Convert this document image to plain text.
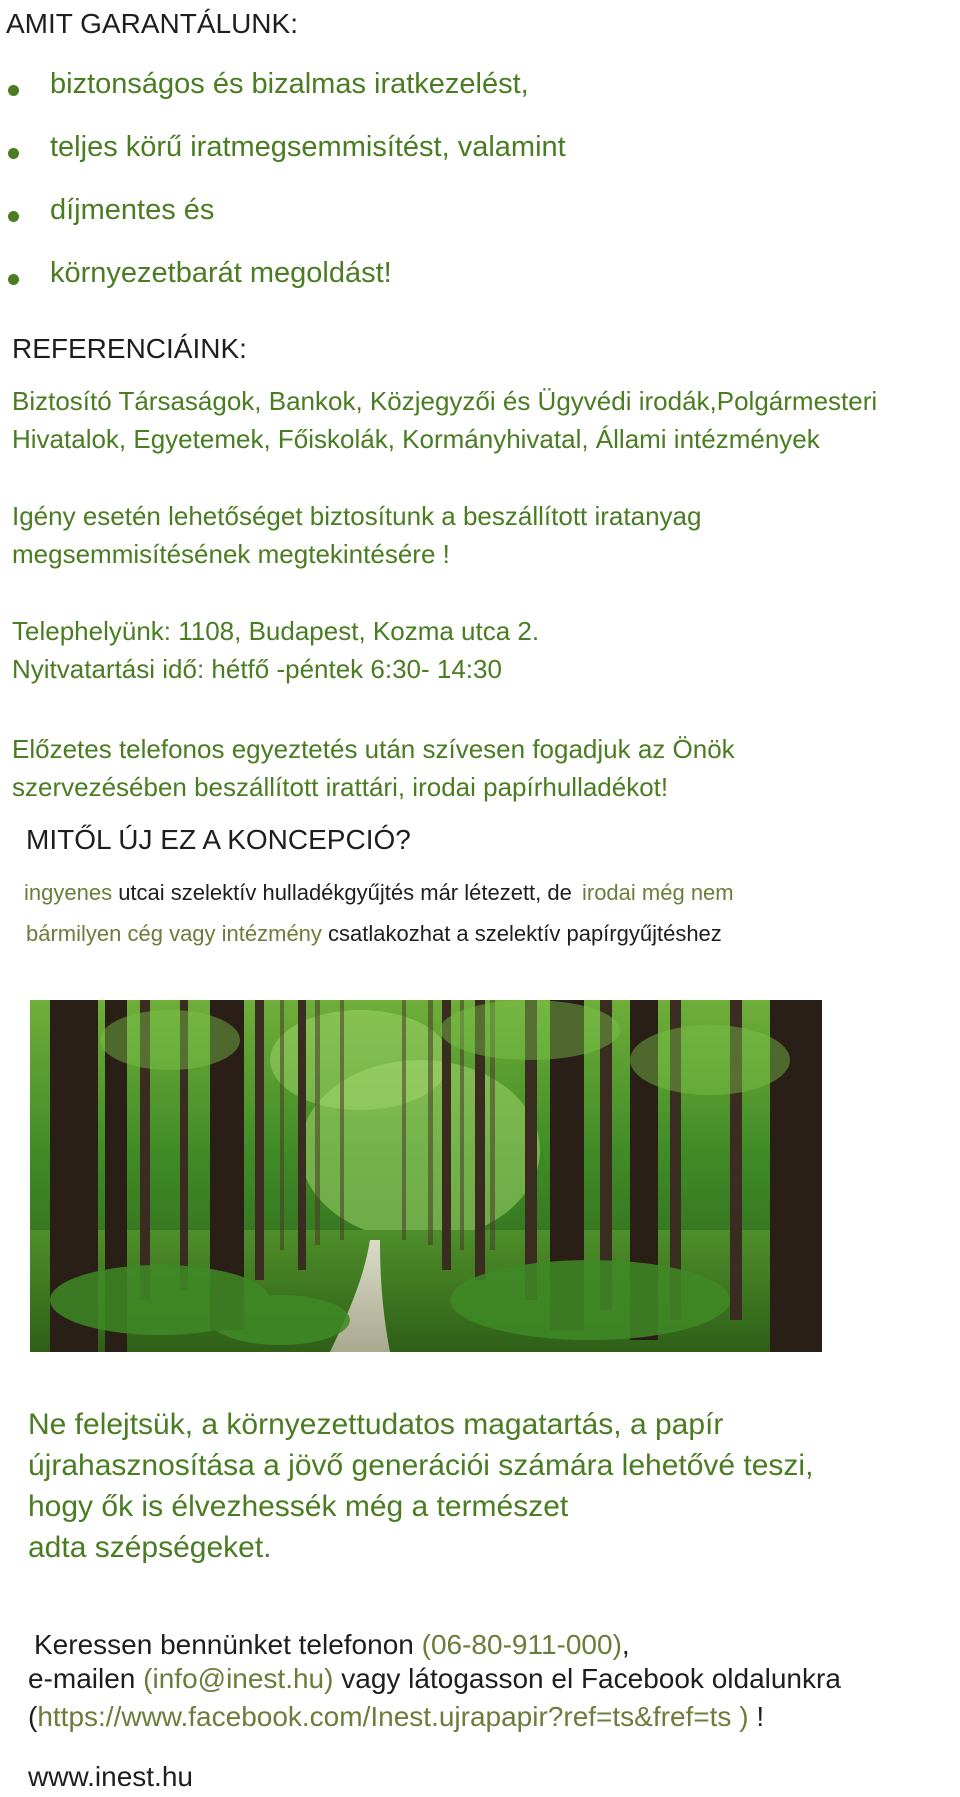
AMIT GARANTÁLUNK:
biztonságos és bizalmas iratkezelést,
teljes körű iratmegsemmisítést, valamint
díjmentes és
környezetbarát megoldást!
REFERENCIÁINK:
Biztosító Társaságok, Bankok, Közjegyzői és Ügyvédi irodák,Polgármesteri
Hivatalok, Egyetemek, Főiskolák, Kormányhivatal, Állami intézmények
Igény esetén lehetőséget biztosítunk a beszállított iratanyag
megsemmisítésének megtekintésére !
Telephelyünk: 1108, Budapest, Kozma utca 2.
Nyitvatartási idő: hétfő -péntek 6:30- 14:30
Előzetes telefonos egyeztetés után szívesen fogadjuk az Önök
szervezésében beszállított irattári, irodai papírhulladékot!
MITŐL ÚJ EZ A KONCEPCIÓ?
ingyenes utcai szelektív hulladékgyűjtés már létezett, de irodai még nem
bármilyen cég vagy intézmény csatlakozhat a szelektív papírgyűjtéshez
Ne felejtsük, a környezettudatos magatartás, a papír
újrahasznosítása a jövő generációi számára lehetővé teszi,
hogy ők is élvezhessék még a természet
adta szépségeket.
Keressen bennünket telefonon (06-80-911-000),
e-mailen (info@inest.hu) vagy látogasson el Facebook oldalunkra
(https://www.facebook.com/Inest.ujrapapir?ref=ts&fref=ts ) !
www.inest.hu
